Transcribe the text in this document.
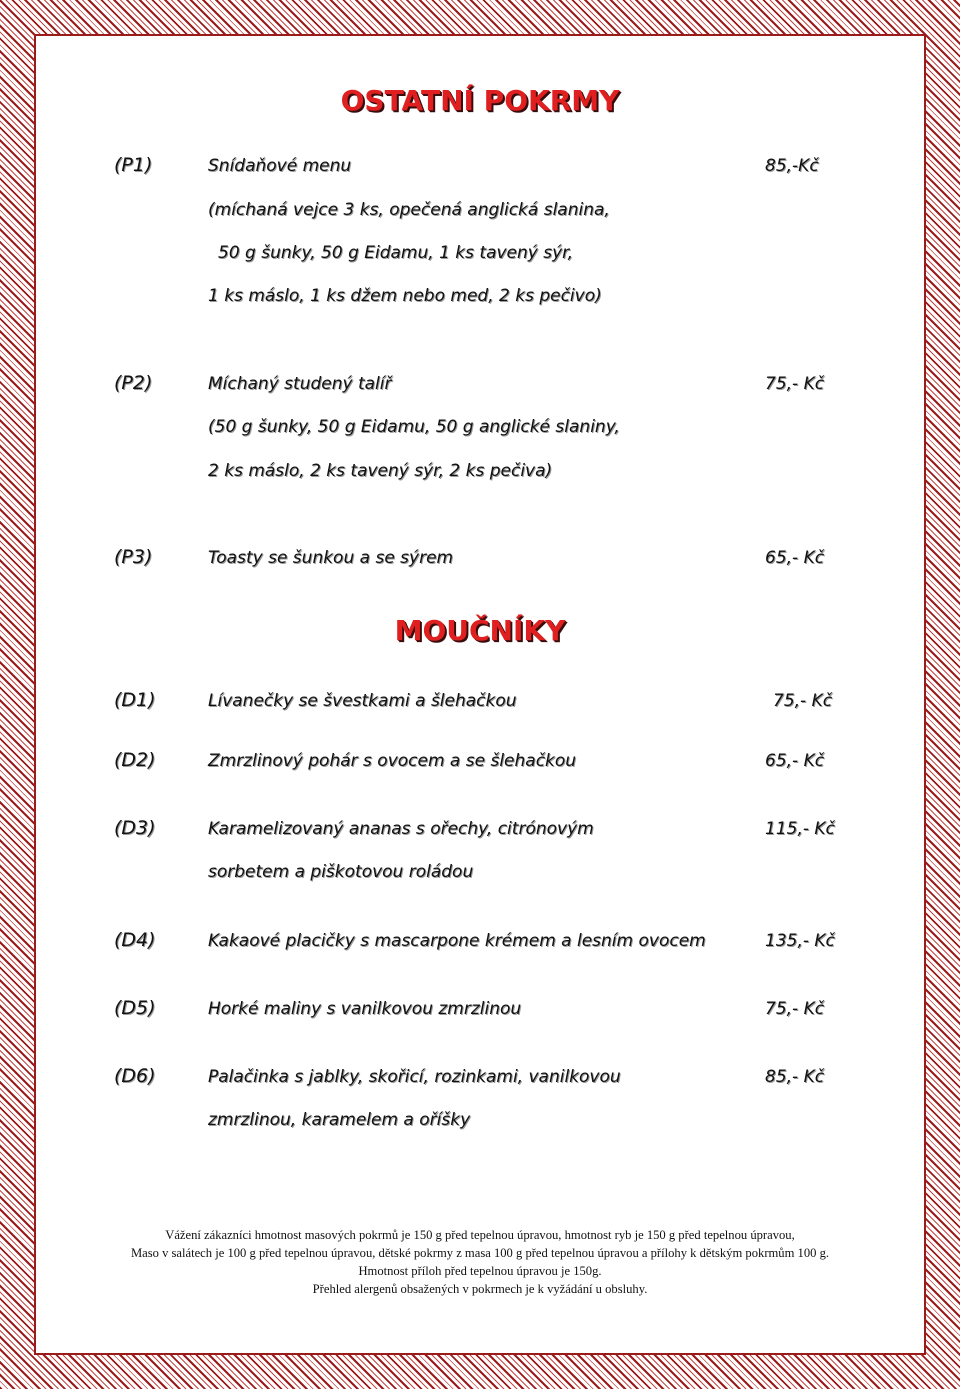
OSTATNÍ POKRMY
(P1)	Snídaňové menu	85,-Kč
(míchaná vejce 3 ks, opečená anglická slanina,
50 g šunky, 50 g Eidamu, 1 ks tavený sýr,
1 ks máslo, 1 ks džem nebo med, 2 ks pečivo)
(P2)	Míchaný studený talíř	75,- Kč
(50 g šunky, 50 g Eidamu, 50 g anglické slaniny,
2 ks máslo, 2 ks tavený sýr, 2 ks pečiva)
(P3)	Toasty se šunkou a se sýrem	65,- Kč
MOUČNÍKY
(D1)	Lívanečky se švestkami a šlehačkou	75,- Kč
(D2)	Zmrzlinový pohár s ovocem a se šlehačkou	65,- Kč
(D3)	Karamelizovaný ananas s ořechy, citrónovým	115,- Kč
sorbetem a piškotovou roládou
(D4)	Kakaové placičky s mascarpone krémem a lesním ovocem	135,- Kč
(D5)	Horké maliny s vanilkovou zmrzlinou	75,- Kč
(D6)	Palačinka s jablky, skořicí, rozinkami, vanilkovou	85,- Kč
zmrzlinou, karamelem a oříšky
Vážení zákazníci hmotnost masových pokrmů je 150 g před tepelnou úpravou, hmotnost ryb je 150 g před tepelnou úpravou,
Maso v salátech je 100 g před tepelnou úpravou, dětské pokrmy z masa 100 g před tepelnou úpravou a přílohy k dětským pokrmům 100 g.
Hmotnost příloh před tepelnou úpravou je 150g.
Přehled alergenů obsažených v pokrmech je k vyžádání u obsluhy.
